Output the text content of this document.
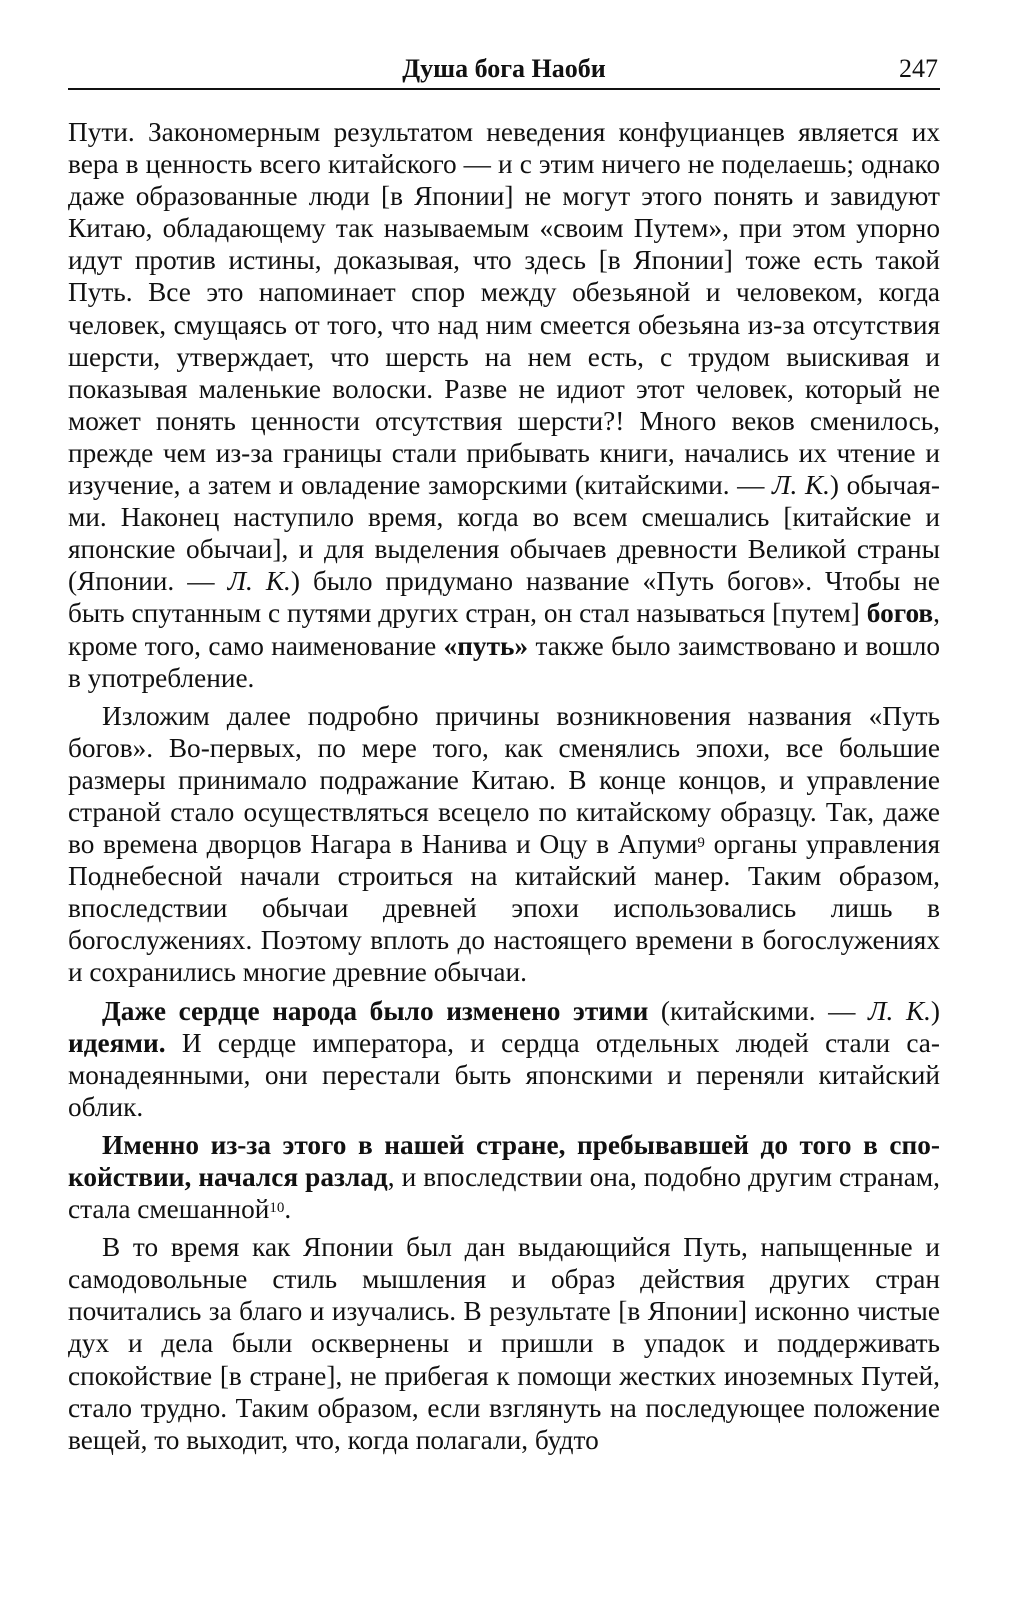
Душа бога Наоби	247

Пути. Закономерным результатом неведения конфуцианцев является их вера в ценность всего китайского — и с этим ничего не поделаешь; однако даже образованные люди [в Японии] не могут этого понять и завидуют Китаю, обладающему так называемым «своим Путем», при этом упорно идут против истины, доказывая, что здесь [в Японии] тоже есть такой Путь. Все это напоминает спор между обезьяной и человеком, когда человек, смущаясь от того, что над ним смеется обезьяна из-за отсутствия шерсти, утверждает, что шерсть на нем есть, с трудом выискивая и показывая маленькие волоски. Разве не идиот этот человек, который не может понять ценности отсутствия шерсти?! Много веков сменилось, прежде чем из-за границы стали прибывать книги, начались их чтение и изучение, а затем и овладение заморскими (китайскими. — Л. К.) обычаями. Наконец наступило время, когда во всем смешались [китайские и японские обычаи], и для выделения обычаев древности Великой страны (Японии. — Л. К.) было придумано название «Путь богов». Чтобы не быть спутанным с путями других стран, он стал называться [путем] богов, кроме того, само наименование «путь» также было заимствовано и вошло в употребление.

Изложим далее подробно причины возникновения названия «Путь богов». Во-первых, по мере того, как сменялись эпохи, все большие размеры принимало подражание Китаю. В конце концов, и управление страной стало осуществляться всецело по китайскому образцу. Так, даже во времена дворцов Нагара в Нанива и Оцу в Апуми$^9$ органы управления Поднебесной начали строиться на китайский манер. Таким образом, впоследствии обычаи древней эпохи использовались лишь в богослужениях. Поэтому вплоть до настоящего времени в богослужениях и сохранились многие древние обычаи.

Даже сердце народа было изменено этими (китайскими. — Л. К.) идеями. И сердце императора, и сердца отдельных людей стали самонадеянными, они перестали быть японскими и переняли китайский облик.

Именно из-за этого в нашей стране, пребывавшей до того в спокойствии, начался разлад, и впоследствии она, подобно другим странам, стала смешанной$^{10}$.

В то время как Японии был дан выдающийся Путь, напыщенные и самодовольные стиль мышления и образ действия других стран почитались за благо и изучались. В результате [в Японии] исконно чистые дух и дела были осквернены и пришли в упадок и поддерживать спокойствие [в стране], не прибегая к помощи жестких иноземных Путей, стало трудно. Таким образом, если взглянуть на последующее положение вещей, то выходит, что, когда полагали, будто
